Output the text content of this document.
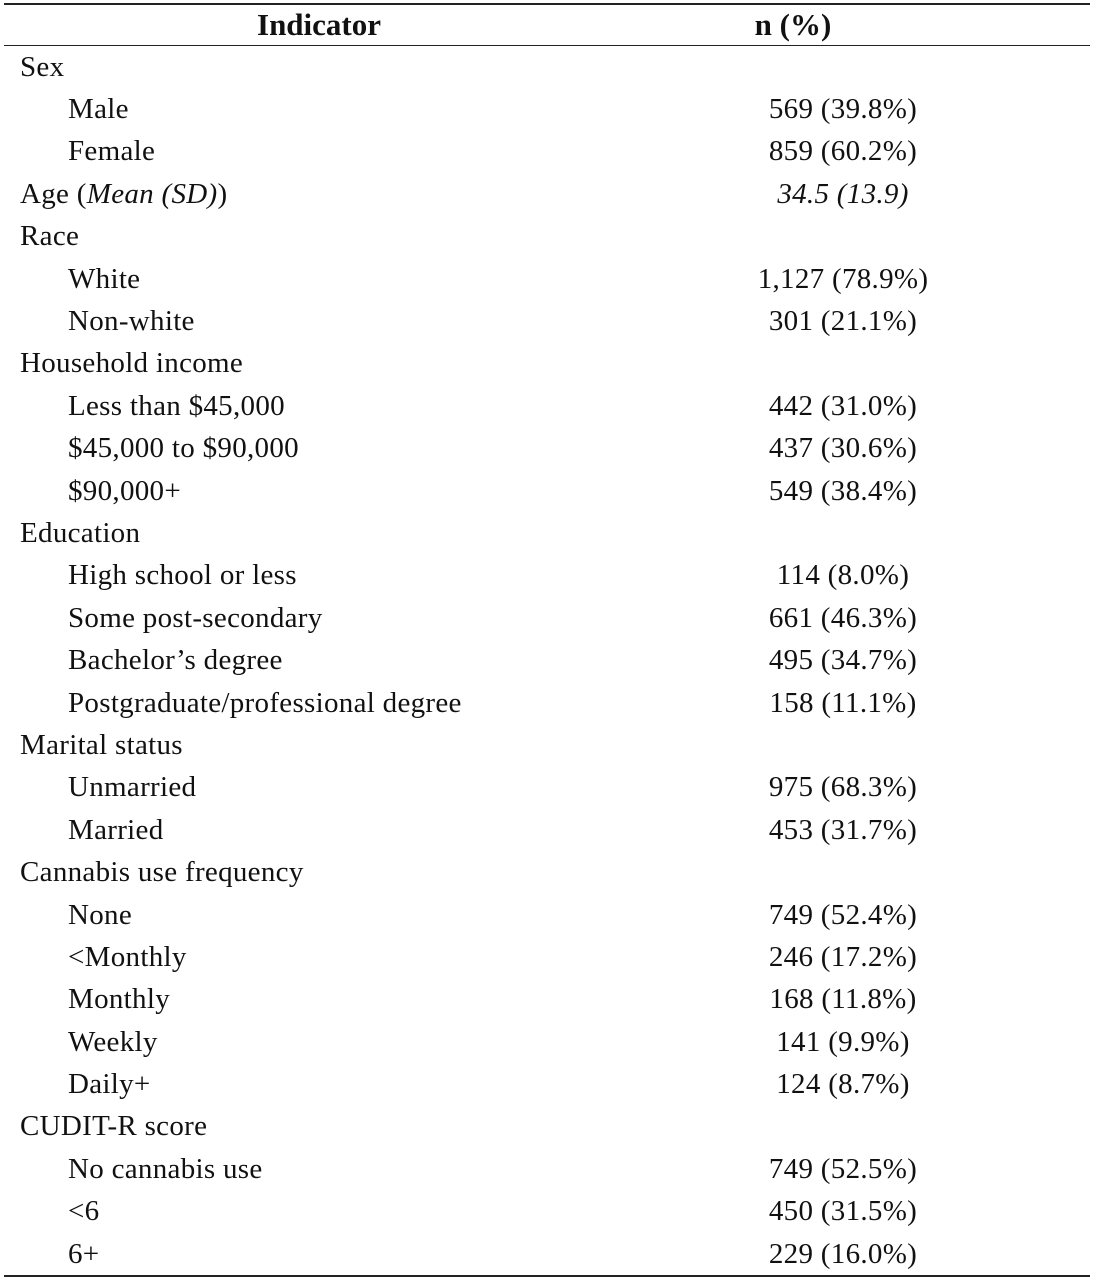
Indicator	n (%)
Sex
Male	569 (39.8%)
Female	859 (60.2%)
Age (Mean (SD))	34.5 (13.9)
Race
White	1,127 (78.9%)
Non-white	301 (21.1%)
Household income
Less than $45,000	442 (31.0%)
$45,000 to $90,000	437 (30.6%)
$90,000+	549 (38.4%)
Education
High school or less	114 (8.0%)
Some post-secondary	661 (46.3%)
Bachelor’s degree	495 (34.7%)
Postgraduate/professional degree	158 (11.1%)
Marital status
Unmarried	975 (68.3%)
Married	453 (31.7%)
Cannabis use frequency
None	749 (52.4%)
<Monthly	246 (17.2%)
Monthly	168 (11.8%)
Weekly	141 (9.9%)
Daily+	124 (8.7%)
CUDIT-R score
No cannabis use	749 (52.5%)
<6	450 (31.5%)
6+	229 (16.0%)
